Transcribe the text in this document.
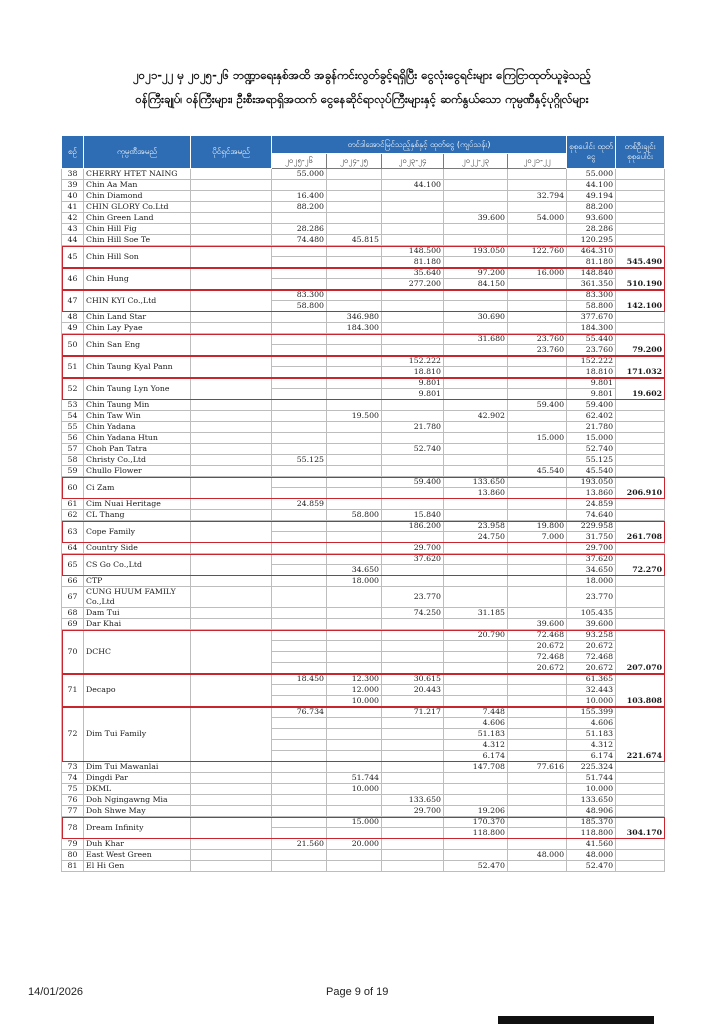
၂၀၂၁-၂၂ မှ ၂၀၂၅-၂၆ ဘဏ္ဍာရေးနှစ်အထိ အခွန်ကင်းလွတ်ခွင့်ရရှိပြီး ငွေလုံးငွေရင်းများ ကြေငြာထုတ်ယူခဲ့သည့်
ဝန်ကြီးချုပ်၊ ဝန်ကြီးများ၊ ဦးစီးအရာရှိအထက် ငွေနေဆိုင်ရာလုပ်ကြီးများနှင့် ဆက်နွယ်သော ကုမ္ပဏီနှင့်ပုဂ္ဂိုလ်များ
စဉ်	ကုမ္ပဏီအမည်	ပိုင်ရှင်အမည်	တင်ဒါအောင်မြင်သည့်နှစ်နှင့် ထုတ်ငွေ (ကျပ်သန်း)					စုစုပေါင်း ထုတ်ငွေ	တစ်ဦးချင်း စုစုပေါင်း
			၂၀၂၅-၂၆	၂၀၂၄-၂၅	၂၀၂၃-၂၄	၂၀၂၂-၂၃	၂၀၂၁-၂၂		
38	CHERRY HTET NAING		55.000					55.000	
39	Chin Aa Man				44.100			44.100	
40	Chin Diamond		16.400				32.794	49.194	
41	CHIN GLORY Co.Ltd		88.200					88.200	
42	Chin Green Land					39.600	54.000	93.600	
43	Chin Hill Fig		28.286					28.286	
44	Chin Hill Soe Te		74.480	45.815				120.295	
45	Chin Hill Son				148.500	193.050	122.760	464.310	545.490
					81.180			81.180	
46	Chin Hung				35.640	97.200	16.000	148.840	510.190
					277.200	84.150		361.350	
47	CHIN KYI Co.,Ltd		83.300					83.300	142.100
			58.800					58.800	
48	Chin Land Star			346.980		30.690		377.670	
49	Chin Lay Pyae			184.300				184.300	
50	Chin San Eng					31.680	23.760	55.440	79.200
							23.760	23.760	
51	Chin Taung Kyal Pann				152.222			152.222	171.032
					18.810			18.810	
52	Chin Taung Lyn Yone				9.801			9.801	19.602
					9.801			9.801	
53	Chin Taung Min						59.400	59.400	
54	Chin Taw Win			19.500		42.902		62.402	
55	Chin Yadana				21.780			21.780	
56	Chin Yadana Htun						15.000	15.000	
57	Choh Pan Tatra				52.740			52.740	
58	Christy Co.,Ltd		55.125					55.125	
59	Chullo Flower						45.540	45.540	
60	Ci Zam				59.400	133.650		193.050	206.910
						13.860		13.860	
61	Cim Nuai Heritage		24.859					24.859	
62	CL Thang			58.800	15.840			74.640	
63	Cope Family				186.200	23.958	19.800	229.958	261.708
						24.750	7.000	31.750	
64	Country Side				29.700			29.700	
65	CS Go Co.,Ltd				37.620			37.620	72.270
				34.650				34.650	
66	CTP			18.000				18.000	
67	CUNG HUUM FAMILY Co.,Ltd				23.770			23.770	
68	Dam Tui				74.250	31.185		105.435	
69	Dar Khai						39.600	39.600	
70	DCHC					20.790	72.468	93.258	207.070
							20.672	20.672	
							72.468	72.468	
							20.672	20.672	
71	Decapo		18.450	12.300	30.615			61.365	103.808
				12.000	20.443			32.443	
				10.000				10.000	
72	Dim Tui Family		76.734		71.217	7.448		155.399	221.674
						4.606		4.606	
						51.183		51.183	
						4.312		4.312	
						6.174		6.174	
73	Dim Tui Mawanlai					147.708	77.616	225.324	
74	Dingdi Par			51.744				51.744	
75	DKML			10.000				10.000	
76	Doh Ngingawng Mia				133.650			133.650	
77	Doh Shwe May				29.700	19.206		48.906	
78	Dream Infinity			15.000		170.370		185.370	304.170
						118.800		118.800	
79	Duh Khar		21.560	20.000				41.560	
80	East West Green						48.000	48.000	
81	El Hi Gen					52.470		52.470	
14/01/2026	Page 9 of 19
